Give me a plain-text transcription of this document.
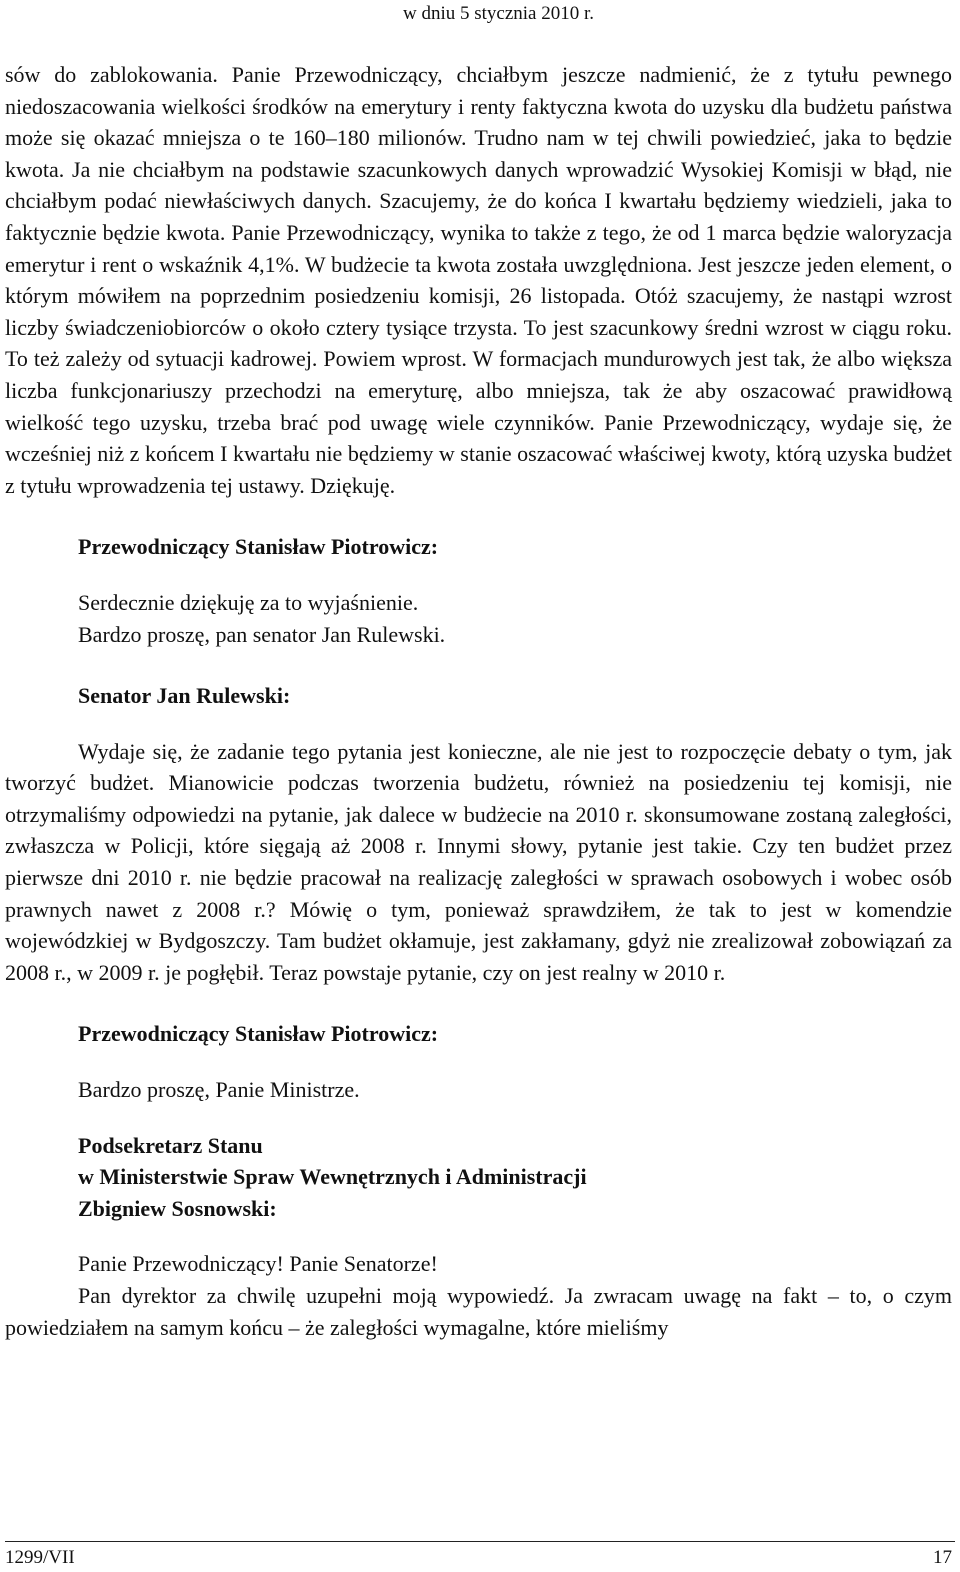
w dniu 5 stycznia 2010 r.

sów do zablokowania. Panie Przewodniczący, chciałbym jeszcze nadmienić, że z tytułu pewnego niedoszacowania wielkości środków na emerytury i renty faktyczna kwota do uzysku dla budżetu państwa może się okazać mniejsza o te 160–180 milionów. Trudno nam w tej chwili powiedzieć, jaka to będzie kwota. Ja nie chciałbym na podstawie szacunkowych danych wprowadzić Wysokiej Komisji w błąd, nie chciałbym podać niewłaściwych danych. Szacujemy, że do końca I kwartału będziemy wiedzieli, jaka to faktycznie będzie kwota. Panie Przewodniczący, wynika to także z tego, że od 1 marca będzie waloryzacja emerytur i rent o wskaźnik 4,1%. W budżecie ta kwota została uwzględniona. Jest jeszcze jeden element, o którym mówiłem na poprzednim posiedzeniu komisji, 26 listopada. Otóż szacujemy, że nastąpi wzrost liczby świadczeniobiorców o około cztery tysiące trzysta. To jest szacunkowy średni wzrost w ciągu roku. To też zależy od sytuacji kadrowej. Powiem wprost. W formacjach mundurowych jest tak, że albo większa liczba funkcjonariuszy przechodzi na emeryturę, albo mniejsza, tak że aby oszacować prawidłową wielkość tego uzysku, trzeba brać pod uwagę wiele czynników. Panie Przewodniczący, wydaje się, że wcześniej niż z końcem I kwartału nie będziemy w stanie oszacować właściwej kwoty, którą uzyska budżet z tytułu wprowadzenia tej ustawy. Dziękuję.

Przewodniczący Stanisław Piotrowicz:

Serdecznie dziękuję za to wyjaśnienie.

Bardzo proszę, pan senator Jan Rulewski.

Senator Jan Rulewski:

Wydaje się, że zadanie tego pytania jest konieczne, ale nie jest to rozpoczęcie debaty o tym, jak tworzyć budżet. Mianowicie podczas tworzenia budżetu, również na posiedzeniu tej komisji, nie otrzymaliśmy odpowiedzi na pytanie, jak dalece w budżecie na 2010 r. skonsumowane zostaną zaległości, zwłaszcza w Policji, które sięgają aż 2008 r. Innymi słowy, pytanie jest takie. Czy ten budżet przez pierwsze dni 2010 r. nie będzie pracował na realizację zaległości w sprawach osobowych i wobec osób prawnych nawet z 2008 r.? Mówię o tym, ponieważ sprawdziłem, że tak to jest w komendzie wojewódzkiej w Bydgoszczy. Tam budżet okłamuje, jest zakłamany, gdyż nie zrealizował zobowiązań za 2008 r., w 2009 r. je pogłębił. Teraz powstaje pytanie, czy on jest realny w 2010 r.

Przewodniczący Stanisław Piotrowicz:

Bardzo proszę, Panie Ministrze.

Podsekretarz Stanu

w Ministerstwie Spraw Wewnętrznych i Administracji

Zbigniew Sosnowski:

Panie Przewodniczący! Panie Senatorze!

Pan dyrektor za chwilę uzupełni moją wypowiedź. Ja zwracam uwagę na fakt – to, o czym powiedziałem na samym końcu – że zaległości wymagalne, które mieliśmy

1299/VII	17
